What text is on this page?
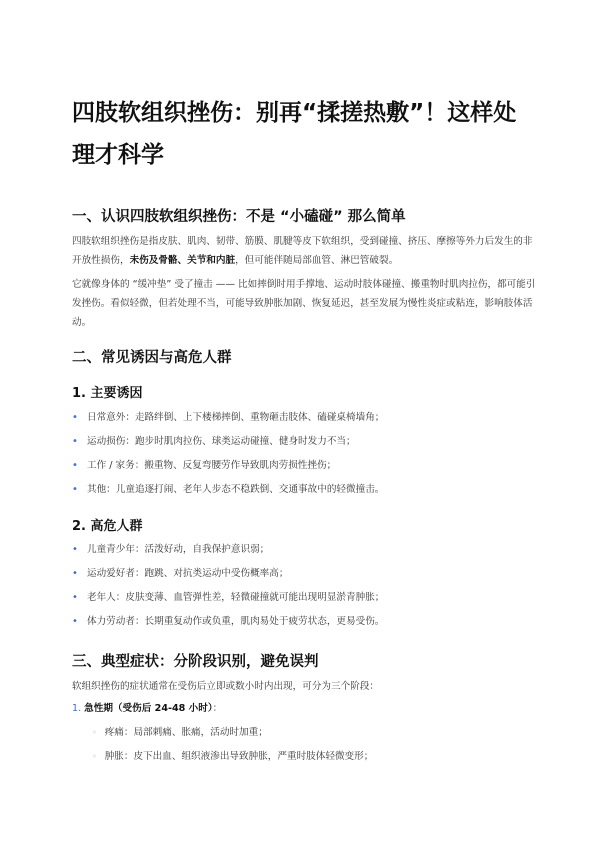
四肢软组织挫伤：别再“揉搓热敷”！这样处理才科学
一、认识四肢软组织挫伤：不是 “小磕碰” 那么简单

四肢软组织挫伤是指皮肤、肌肉、韧带、筋膜、肌腱等皮下软组织，受到碰撞、挤压、摩擦等外力后发生的非开放性损伤，未伤及骨骼、关节和内脏，但可能伴随局部血管、淋巴管破裂。

它就像身体的 “缓冲垫” 受了撞击 —— 比如摔倒时用手撑地、运动时肢体碰撞、搬重物时肌肉拉伤，都可能引发挫伤。看似轻微，但若处理不当，可能导致肿胀加剧、恢复延迟，甚至发展为慢性炎症或粘连，影响肢体活动。

二、常见诱因与高危人群
1. 主要诱因
• 日常意外：走路绊倒、上下楼梯摔倒、重物砸击肢体、磕碰桌椅墙角；
• 运动损伤：跑步时肌肉拉伤、球类运动碰撞、健身时发力不当；
• 工作 / 家务：搬重物、反复弯腰劳作导致肌肉劳损性挫伤；
• 其他：儿童追逐打闹、老年人步态不稳跌倒、交通事故中的轻微撞击。
2. 高危人群
• 儿童青少年：活泼好动，自我保护意识弱；
• 运动爱好者：跑跳、对抗类运动中受伤概率高；
• 老年人：皮肤变薄、血管弹性差，轻微碰撞就可能出现明显淤青肿胀；
• 体力劳动者：长期重复动作或负重，肌肉易处于疲劳状态，更易受伤。
三、典型症状：分阶段识别，避免误判

软组织挫伤的症状通常在受伤后立即或数小时内出现，可分为三个阶段：

1. 急性期（受伤后 24-48 小时）：
◦ 疼痛：局部刺痛、胀痛，活动时加重；
◦ 肿胀：皮下出血、组织液渗出导致肿胀，严重时肢体轻微变形；
